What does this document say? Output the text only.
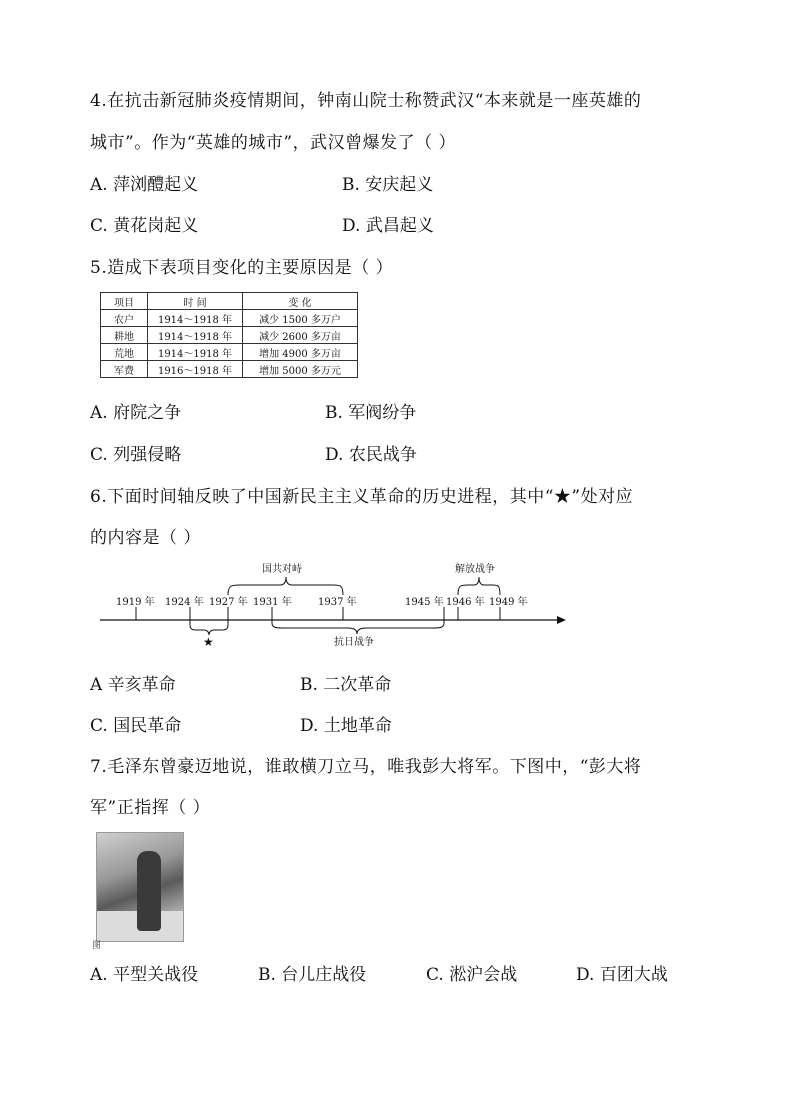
4.在抗击新冠肺炎疫情期间，钟南山院士称赞武汉“本来就是一座英雄的
城市”。作为“英雄的城市”，武汉曾爆发了（ ）
A. 萍浏醴起义	B. 安庆起义
C. 黄花岗起义	D. 武昌起义
5.造成下表项目变化的主要原因是（ ）
项目	时 间	变 化
农户	1914～1918 年	减少 1500 多万户
耕地	1914～1918 年	减少 2600 多万亩
荒地	1914～1918 年	增加 4900 多万亩
军费	1916～1918 年	增加 5000 多万元
A. 府院之争	B. 军阀纷争
C. 列强侵略	D. 农民战争
6.下面时间轴反映了中国新民主主义革命的历史进程，其中“★”处对应
的内容是（ ）
1919 年 1924 年 1927 年 1931 年	1937 年	1945 年 1946 年 1949 年
国共对峙	解放战争
★	抗日战争
A 辛亥革命	B. 二次革命
C. 国民革命	D. 土地革命
7.毛泽东曾豪迈地说，谁敢横刀立马，唯我彭大将军。下图中，“彭大将
军”正指挥（ ）
图
A. 平型关战役	B. 台儿庄战役	C. 淞沪会战	D. 百团大战
